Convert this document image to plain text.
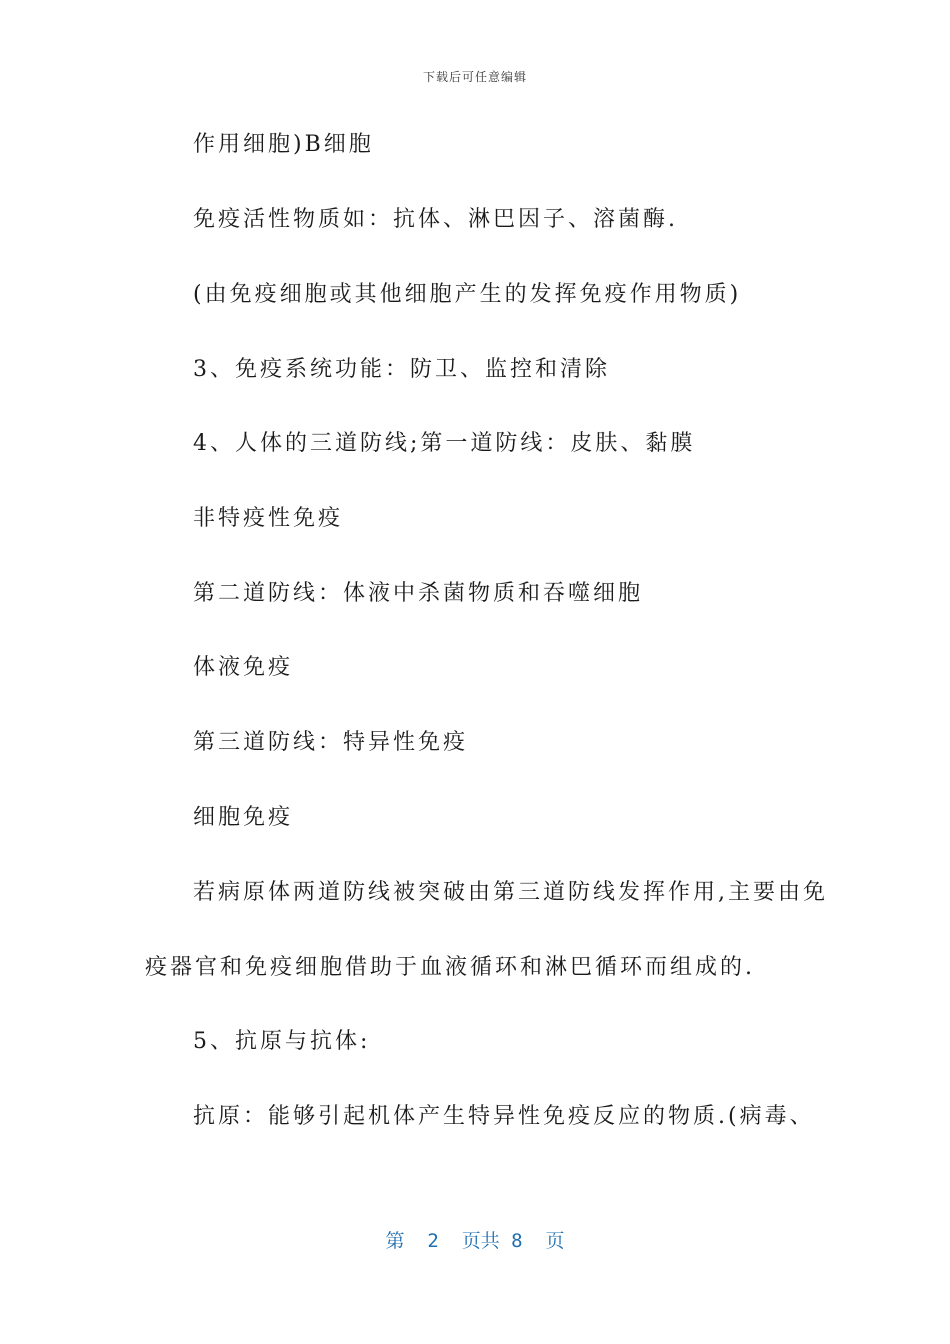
下载后可任意编辑
作用细胞)B细胞
免疫活性物质如：抗体、淋巴因子、溶菌酶.
(由免疫细胞或其他细胞产生的发挥免疫作用物质)
3、免疫系统功能：防卫、监控和清除
4、人体的三道防线;第一道防线：皮肤、黏膜
非特疫性免疫
第二道防线：体液中杀菌物质和吞噬细胞
体液免疫
第三道防线：特异性免疫
细胞免疫
若病原体两道防线被突破由第三道防线发挥作用,主要由免
疫器官和免疫细胞借助于血液循环和淋巴循环而组成的.
5、抗原与抗体:
抗原：能够引起机体产生特异性免疫反应的物质.(病毒、
第  2  页共 8  页
